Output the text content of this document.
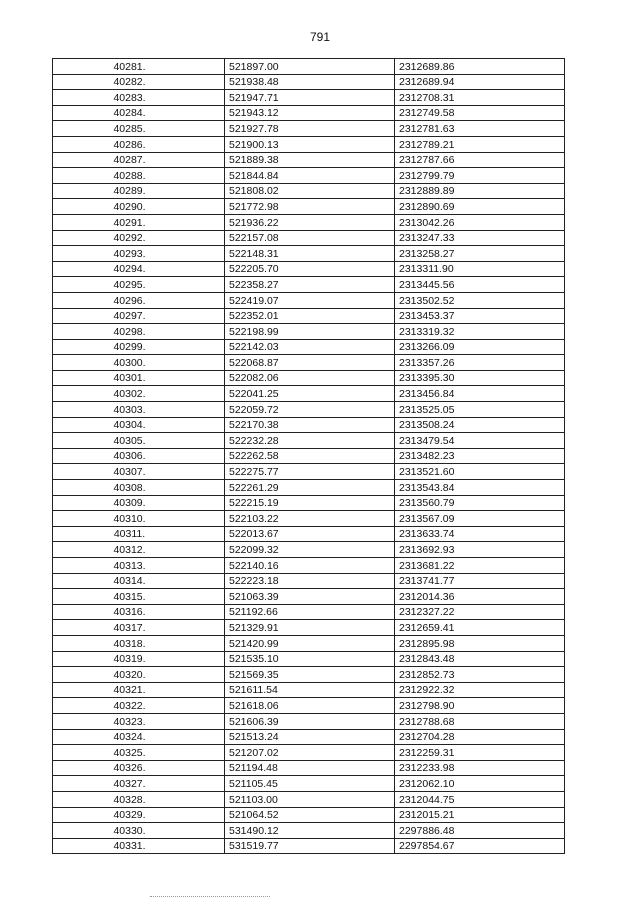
791
40281.	521897.00	2312689.86
40282.	521938.48	2312689.94
40283.	521947.71	2312708.31
40284.	521943.12	2312749.58
40285.	521927.78	2312781.63
40286.	521900.13	2312789.21
40287.	521889.38	2312787.66
40288.	521844.84	2312799.79
40289.	521808.02	2312889.89
40290.	521772.98	2312890.69
40291.	521936.22	2313042.26
40292.	522157.08	2313247.33
40293.	522148.31	2313258.27
40294.	522205.70	2313311.90
40295.	522358.27	2313445.56
40296.	522419.07	2313502.52
40297.	522352.01	2313453.37
40298.	522198.99	2313319.32
40299.	522142.03	2313266.09
40300.	522068.87	2313357.26
40301.	522082.06	2313395.30
40302.	522041.25	2313456.84
40303.	522059.72	2313525.05
40304.	522170.38	2313508.24
40305.	522232.28	2313479.54
40306.	522262.58	2313482.23
40307.	522275.77	2313521.60
40308.	522261.29	2313543.84
40309.	522215.19	2313560.79
40310.	522103.22	2313567.09
40311.	522013.67	2313633.74
40312.	522099.32	2313692.93
40313.	522140.16	2313681.22
40314.	522223.18	2313741.77
40315.	521063.39	2312014.36
40316.	521192.66	2312327.22
40317.	521329.91	2312659.41
40318.	521420.99	2312895.98
40319.	521535.10	2312843.48
40320.	521569.35	2312852.73
40321.	521611.54	2312922.32
40322.	521618.06	2312798.90
40323.	521606.39	2312788.68
40324.	521513.24	2312704.28
40325.	521207.02	2312259.31
40326.	521194.48	2312233.98
40327.	521105.45	2312062.10
40328.	521103.00	2312044.75
40329.	521064.52	2312015.21
40330.	531490.12	2297886.48
40331.	531519.77	2297854.67
